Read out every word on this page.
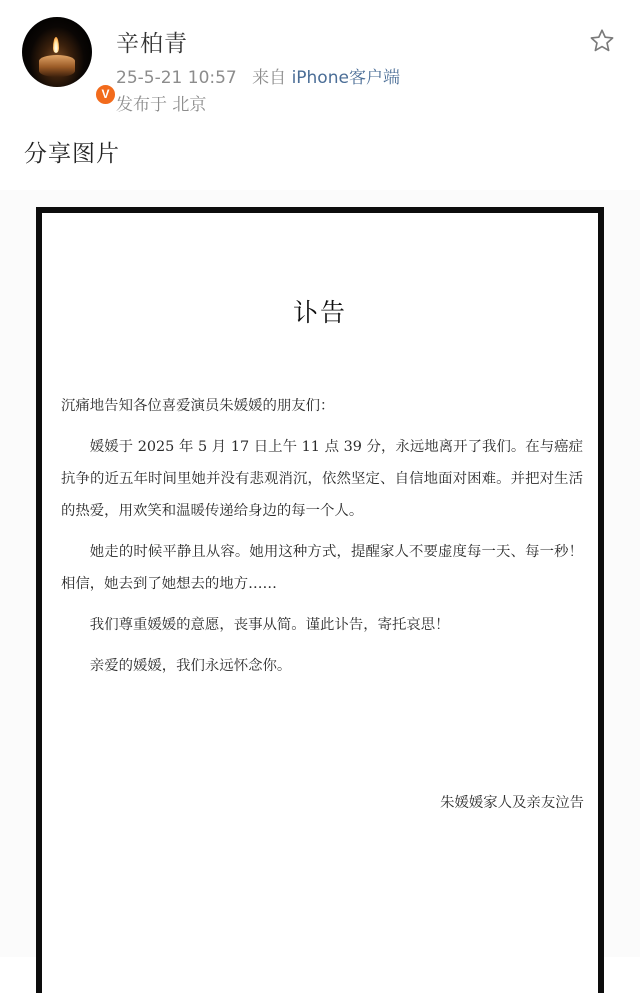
V
辛柏青
25-5-21 10:57 来自 iPhone客户端
发布于 北京
分享图片
讣告

沉痛地告知各位喜爱演员朱媛媛的朋友们：

媛媛于 2025 年 5 月 17 日上午 11 点 39 分，永远地离开了我们。在与癌症抗争的近五年时间里她并没有悲观消沉，依然坚定、自信地面对困难。并把对生活的热爱，用欢笑和温暖传递给身边的每一个人。

她走的时候平静且从容。她用这种方式，提醒家人不要虚度每一天、每一秒！相信，她去到了她想去的地方……

我们尊重媛媛的意愿，丧事从简。谨此讣告，寄托哀思！

亲爱的媛媛，我们永远怀念你。

朱媛媛家人及亲友泣告
